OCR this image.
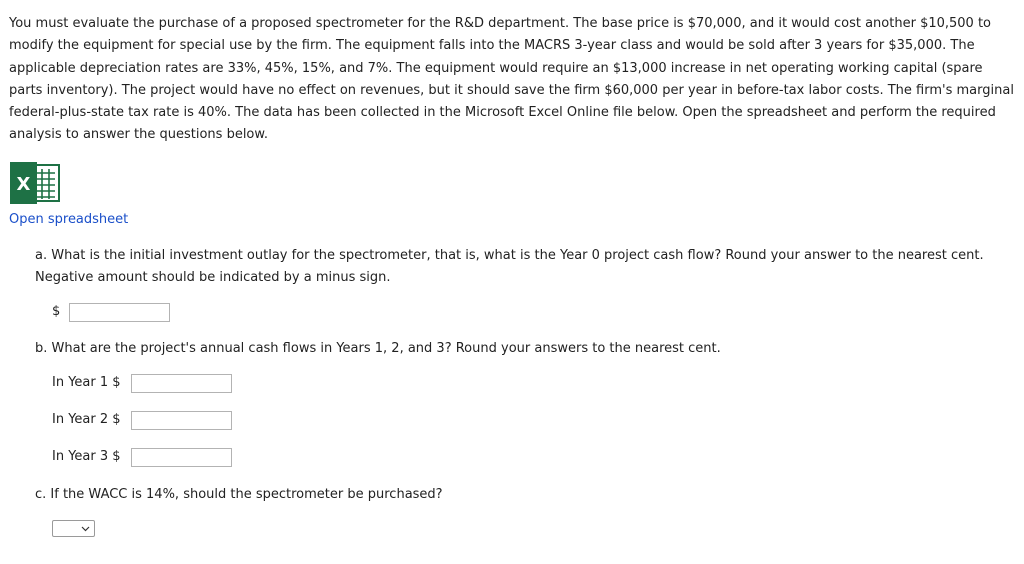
You must evaluate the purchase of a proposed spectrometer for the R&D department. The base price is $70,000, and it would cost another $10,500 to modify the equipment for special use by the firm. The equipment falls into the MACRS 3-year class and would be sold after 3 years for $35,000. The applicable depreciation rates are 33%, 45%, 15%, and 7%. The equipment would require an $13,000 increase in net operating working capital (spare parts inventory). The project would have no effect on revenues, but it should save the firm $60,000 per year in before-tax labor costs. The firm's marginal federal-plus-state tax rate is 40%. The data has been collected in the Microsoft Excel Online file below. Open the spreadsheet and perform the required analysis to answer the questions below.

X
Open spreadsheet

a. What is the initial investment outlay for the spectrometer, that is, what is the Year 0 project cash flow? Round your answer to the nearest cent. Negative amount should be indicated by a minus sign.

$

b. What are the project's annual cash flows in Years 1, 2, and 3? Round your answers to the nearest cent.

In Year 1 $
In Year 2 $
In Year 3 $

c. If the WACC is 14%, should the spectrometer be purchased?
